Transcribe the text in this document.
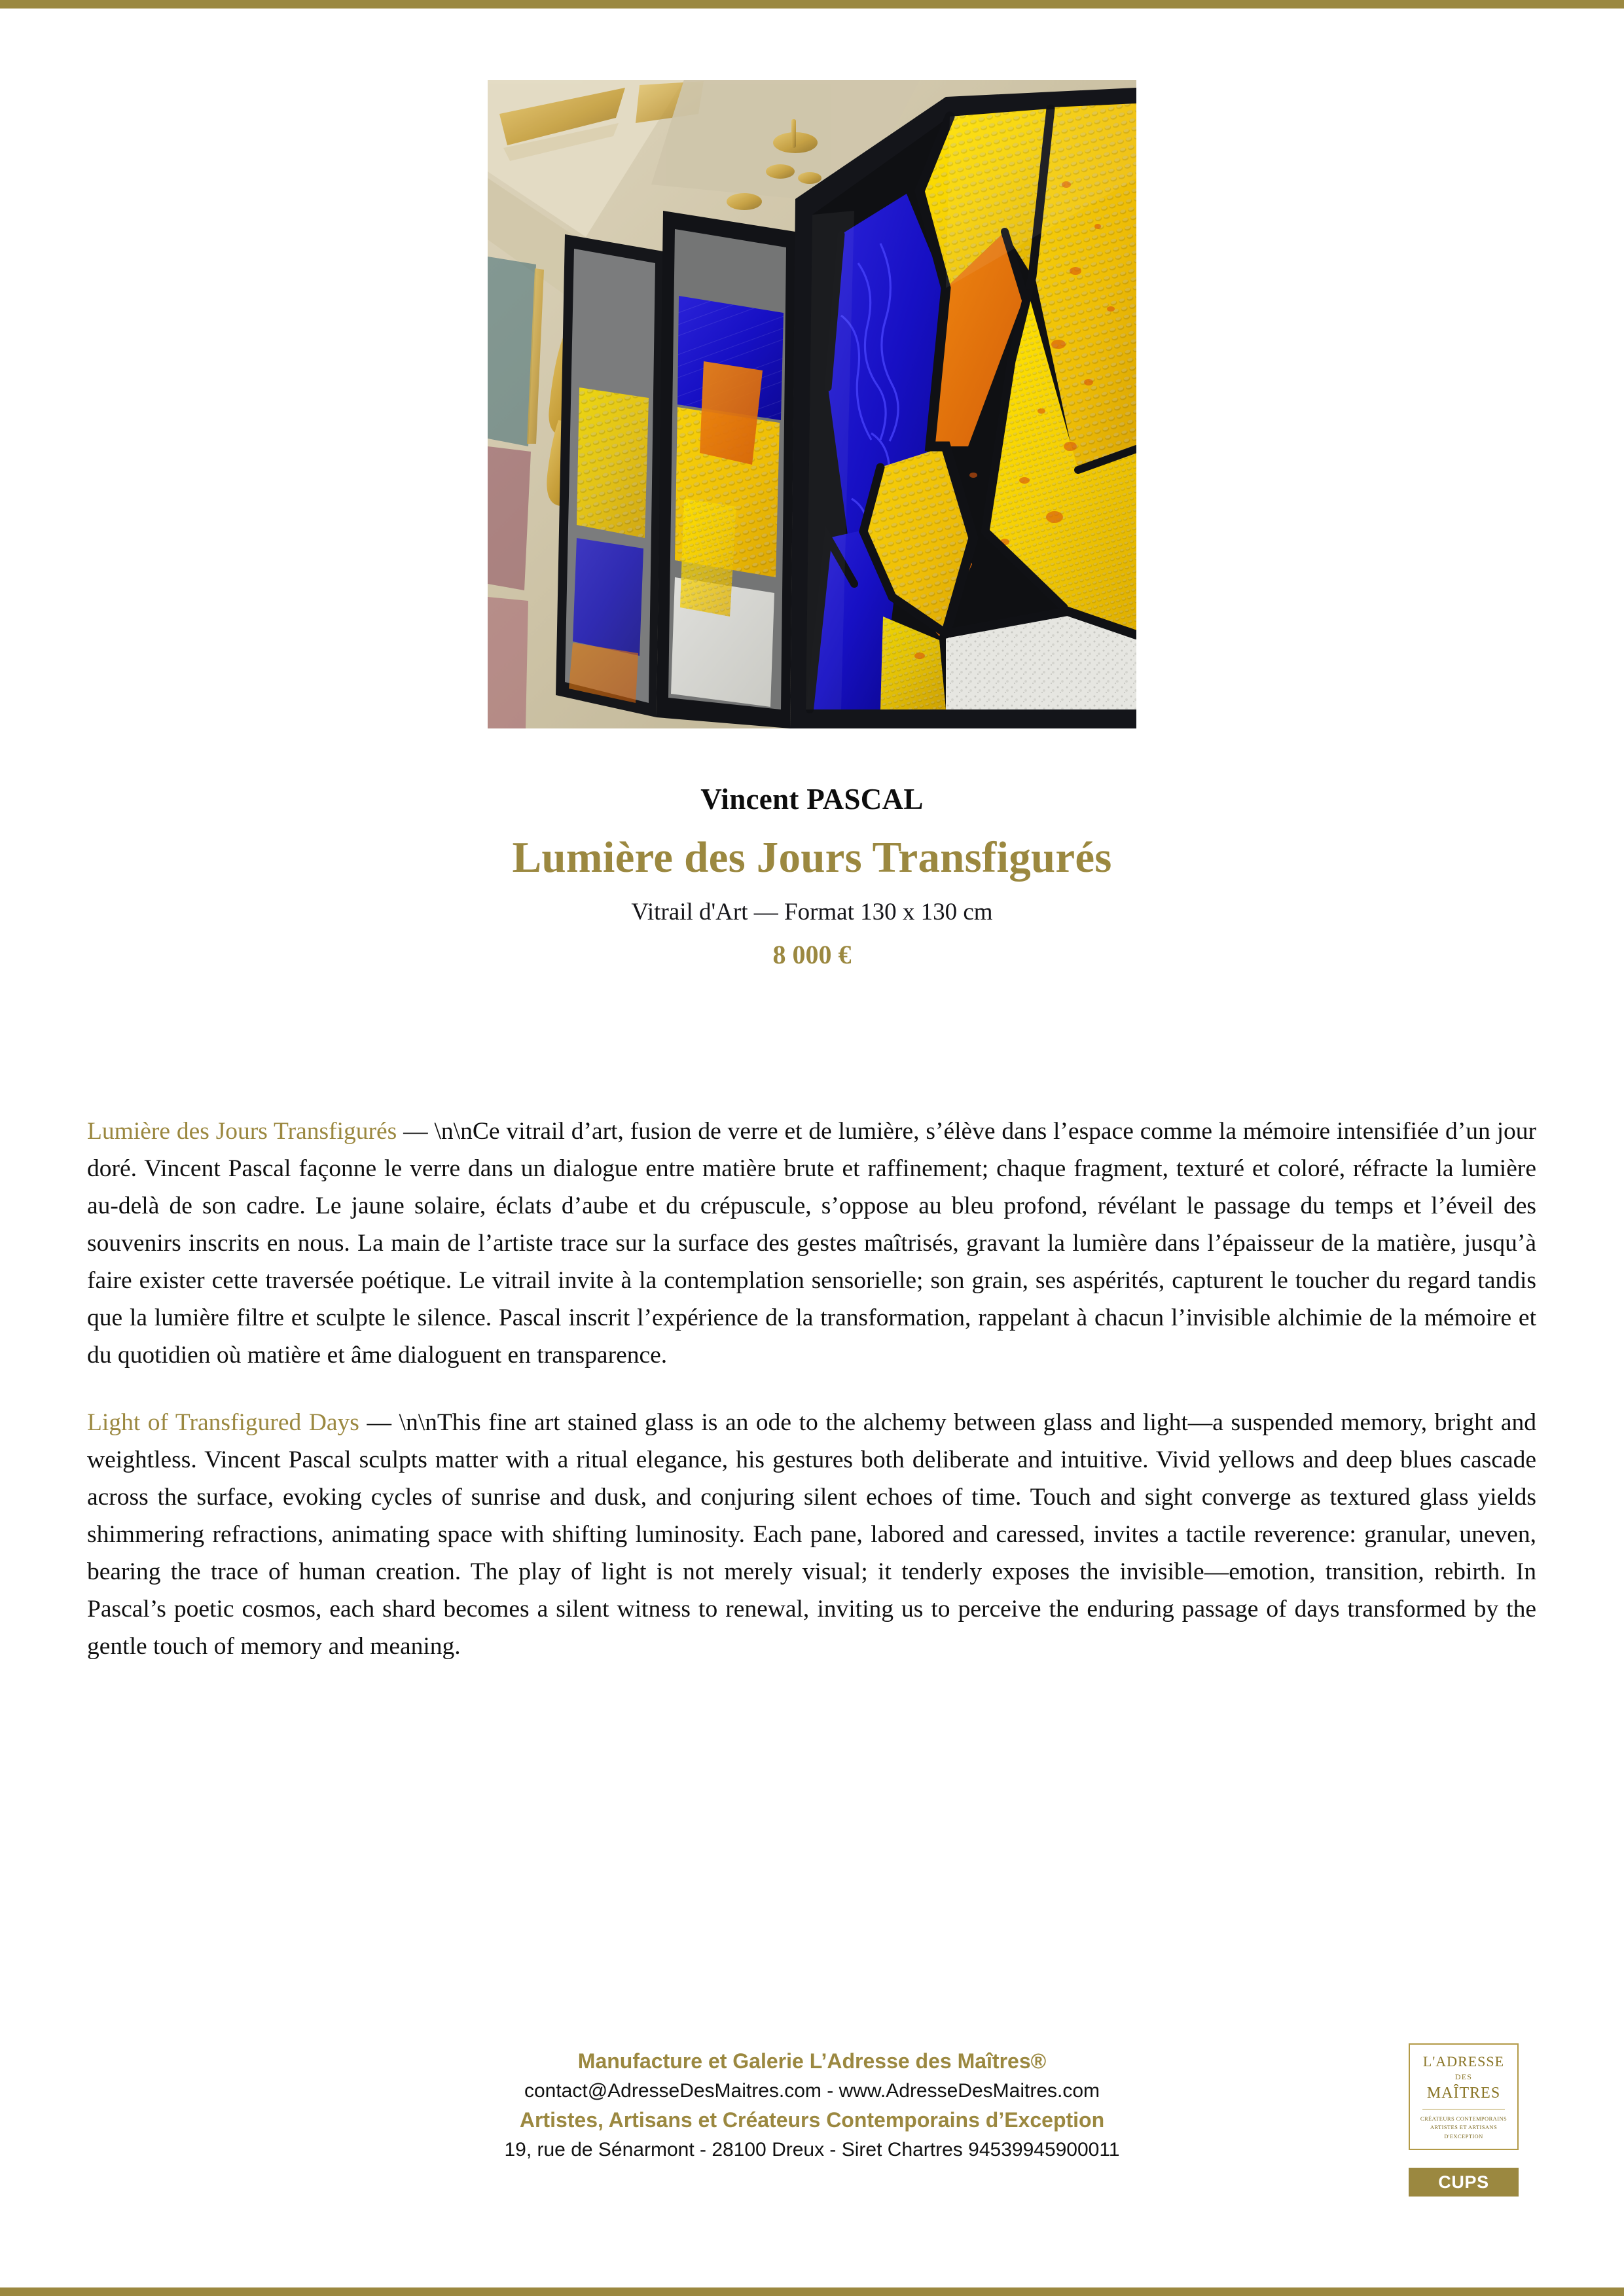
Vincent PASCAL
Lumière des Jours Transfigurés
Vitrail d'Art — Format 130 x 130 cm
8 000 €

Lumière des Jours Transfigurés — \n\nCe vitrail d’art, fusion de verre et de lumière, s’élève dans l’espace comme la mémoire intensifiée d’un jour doré. Vincent Pascal façonne le verre dans un dialogue entre matière brute et raffinement; chaque fragment, texturé et coloré, réfracte la lumière au-delà de son cadre. Le jaune solaire, éclats d’aube et du crépuscule, s’oppose au bleu profond, révélant le passage du temps et l’éveil des souvenirs inscrits en nous. La main de l’artiste trace sur la surface des gestes maîtrisés, gravant la lumière dans l’épaisseur de la matière, jusqu’à faire exister cette traversée poétique. Le vitrail invite à la contemplation sensorielle; son grain, ses aspérités, capturent le toucher du regard tandis que la lumière filtre et sculpte le silence. Pascal inscrit l’expérience de la transformation, rappelant à chacun l’invisible alchimie de la mémoire et du quotidien où matière et âme dialoguent en transparence.

Light of Transfigured Days — \n\nThis fine art stained glass is an ode to the alchemy between glass and light—a suspended memory, bright and weightless. Vincent Pascal sculpts matter with a ritual elegance, his gestures both deliberate and intuitive. Vivid yellows and deep blues cascade across the surface, evoking cycles of sunrise and dusk, and conjuring silent echoes of time. Touch and sight converge as textured glass yields shimmering refractions, animating space with shifting luminosity. Each pane, labored and caressed, invites a tactile reverence: granular, uneven, bearing the trace of human creation. The play of light is not merely visual; it tenderly exposes the invisible—emotion, transition, rebirth. In Pascal’s poetic cosmos, each shard becomes a silent witness to renewal, inviting us to perceive the enduring passage of days transformed by the gentle touch of memory and meaning.

Manufacture et Galerie L’Adresse des Maîtres®
contact@AdresseDesMaitres.com - www.AdresseDesMaitres.com
Artistes, Artisans et Créateurs Contemporains d’Exception
19, rue de Sénarmont - 28100 Dreux - Siret Chartres 94539945900011
L'ADRESSE
DES
MAÎTRES
CRÉATEURS CONTEMPORAINS
ARTISTES ET ARTISANS
D'EXCEPTION
CUPS
